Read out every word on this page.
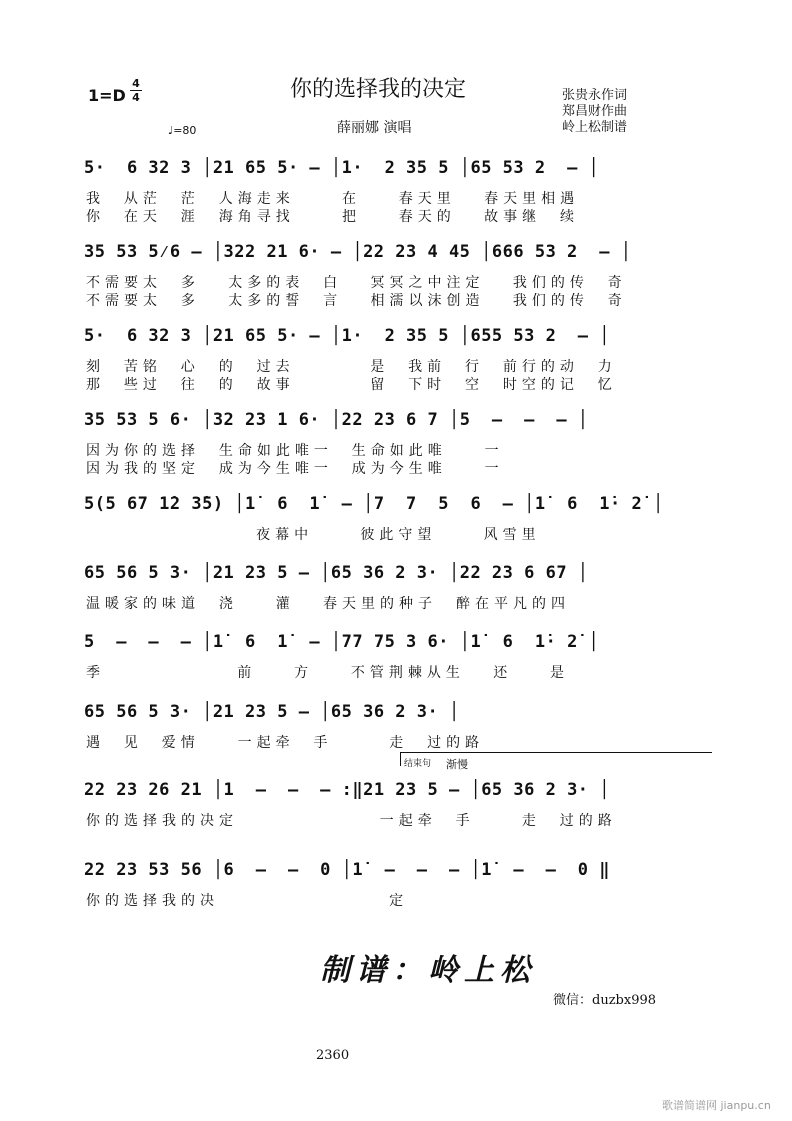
1=D
4
4	你的选择我的决定
薛丽娜 演唱
♩=80
张贵永作词
郑昌财作曲
岭上松制谱
5·  6 32 3 │21 65 5· – │1·  2 35 5 │65 53 2  – │
我  从茫  茫  人海走来     在    春天里   春天里相遇
你  在天  涯  海角寻找     把    春天的   故事继  续
35 53 5⁄6 – │322 21 6· – │22 23 4 45 │666 53 2  – │
不需要太  多   太多的表  白   冥冥之中注定   我们的传  奇
不需要太  多   太多的誓  言   相濡以沫创造   我们的传  奇
5·  6 32 3 │21 65 5· – │1·  2 35 5 │655 53 2  – │
刻  苦铭  心  的  过去        是  我前  行  前行的动  力
那  些过  往  的  故事        留  下时  空  时空的记  忆
35 53 5 6· │32 23 1 6· │22 23 6 7 │5  –  –  – │
因为你的选择  生命如此唯一  生命如此唯    一
因为我的坚定  成为今生唯一  成为今生唯    一
5(5 67 1̇2 3̇5) │1̇  6  1̇  – │7  7  5  6  – │1̇  6  1̇· 2̇ │
夜幕中     彼此守望     风雪里
65 56 5 3· │21 23 5 – │65 36 2 3· │22 23 6 67 │
温暖家的味道  浇    灌   春天里的种子  醉在平凡的四
5  –  –  – │1̇  6  1̇  – │77 75 3 6· │1̇  6  1̇· 2̇ │
季              前    方    不管荆棘从生   还    是
65 56 5 3· │21 23 5 – │65 36 2 3· │
遇  见  爱情    一起牵  手      走  过的路
22 23 26 21 │1  –  –  – :‖21 23 5 – │65 36 2 3· │
你的选择我的决定               一起牵  手     走  过的路
22 23 53 56 │6  –  –  0 │1̇  –  –  – │1̇  –  –  0 ‖
你的选择我的决                  定
结束句 渐慢
制谱：岭上松
微信：duzbx998
2360
歌谱简谱网 jianpu.cn
